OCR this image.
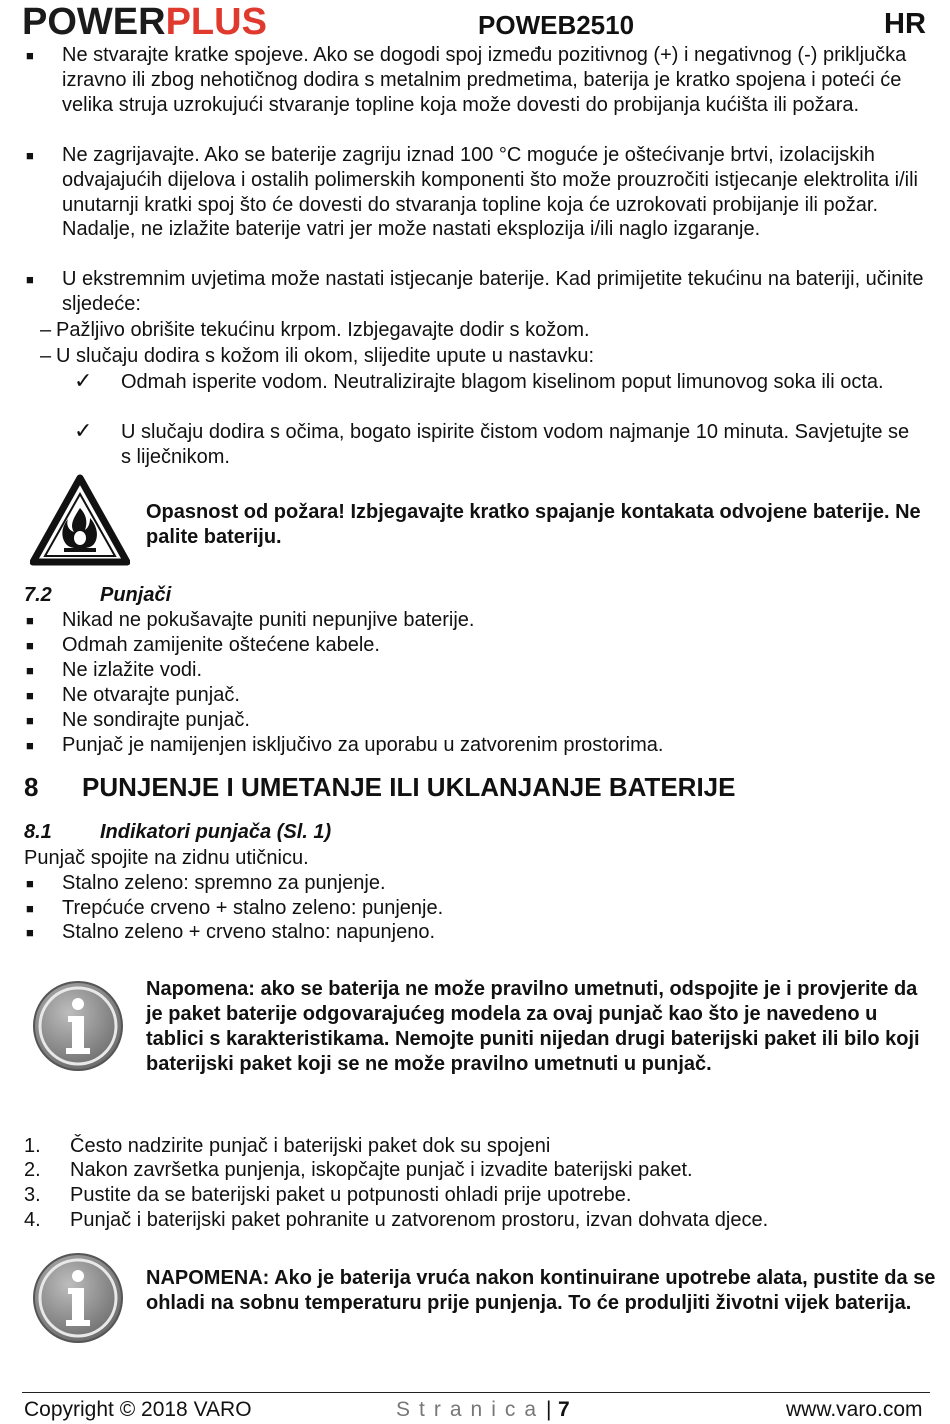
POWERPLUS	POWEB2510	HR
■ Ne stvarajte kratke spojeve. Ako se dogodi spoj između pozitivnog (+) i negativnog (-) priključka izravno ili zbog nehotičnog dodira s metalnim predmetima, baterija je kratko spojena i poteći će velika struja uzrokujući stvaranje topline koja može dovesti do probijanja kućišta ili požara.
■ Ne zagrijavajte. Ako se baterije zagriju iznad 100 °C moguće je oštećivanje brtvi, izolacijskih odvajajućih dijelova i ostalih polimerskih komponenti što može prouzročiti istjecanje elektrolita i/ili unutarnji kratki spoj što će dovesti do stvaranja topline koja će uzrokovati probijanje ili požar. Nadalje, ne izlažite baterije vatri jer može nastati eksplozija i/ili naglo izgaranje.
■ U ekstremnim uvjetima može nastati istjecanje baterije. Kad primijetite tekućinu na bateriji, učinite sljedeće:
– Pažljivo obrišite tekućinu krpom. Izbjegavajte dodir s kožom.
– U slučaju dodira s kožom ili okom, slijedite upute u nastavku:
✓ Odmah isperite vodom. Neutralizirajte blagom kiselinom poput limunovog soka ili octa.
✓ U slučaju dodira s očima, bogato ispirite čistom vodom najmanje 10 minuta. Savjetujte se s liječnikom.
Opasnost od požara! Izbjegavajte kratko spajanje kontakata odvojene baterije. Ne palite bateriju.
7.2 Punjači
■ Nikad ne pokušavajte puniti nepunjive baterije.
■ Odmah zamijenite oštećene kabele.
■ Ne izlažite vodi.
■ Ne otvarajte punjač.
■ Ne sondirajte punjač.
■ Punjač je namijenjen isključivo za uporabu u zatvorenim prostorima.
8 PUNJENJE I UMETANJE ILI UKLANJANJE BATERIJE
8.1 Indikatori punjača (Sl. 1)
Punjač spojite na zidnu utičnicu.
■ Stalno zeleno: spremno za punjenje.
■ Trepćuće crveno + stalno zeleno: punjenje.
■ Stalno zeleno + crveno stalno: napunjeno.
Napomena: ako se baterija ne može pravilno umetnuti, odspojite je i provjerite da je paket baterije odgovarajućeg modela za ovaj punjač kao što je navedeno u tablici s karakteristikama. Nemojte puniti nijedan drugi baterijski paket ili bilo koji baterijski paket koji se ne može pravilno umetnuti u punjač.
1. Često nadzirite punjač i baterijski paket dok su spojeni
2. Nakon završetka punjenja, iskopčajte punjač i izvadite baterijski paket.
3. Pustite da se baterijski paket u potpunosti ohladi prije upotrebe.
4. Punjač i baterijski paket pohranite u zatvorenom prostoru, izvan dohvata djece.
NAPOMENA: Ako je baterija vruća nakon kontinuirane upotrebe alata, pustite da se ohladi na sobnu temperaturu prije punjenja. To će produljiti životni vijek baterija.
Copyright © 2018 VARO	Stranica | 7	www.varo.com
